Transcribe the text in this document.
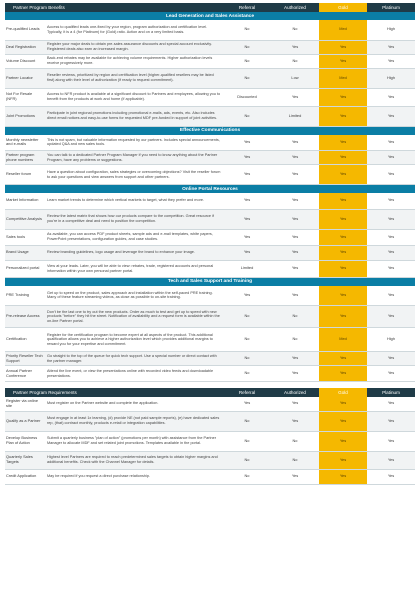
Partner Program Benefits		Referral	Authorized	Gold	Platinum
Lead Generation and Sales Assistance					
Pre-qualified Leads	Access to qualified leads one-fixed by your region, program authorization and certification level. Typically, it is a 4 (for Platinum) for (Gold) ratio. Action and on a very limited basis.	No	No	Med	High
Deal Registration	Register your major deals to obtain pre-sales assurance discounts and special account exclusivity. Registered deals also earn an increased margin.	No	Yes	Yes	Yes
Volume Discount	Back-end rebates may be available for achieving volume requirements. Higher authorization levels receive progressively more.	No	No	Yes	Yes
Partner Locator	Reseller reviews, prioritized by region and certification level (higher-qualified resellers may be listed first) along with their level of authorization (if ready to request commitment).	No	Low	Med	High
Not For Resale (NFR)	Access to NFR product is available at a significant discount to Partners and employees, allowing you to benefit from the products at work and home (if applicable).	Discounted	Yes	Yes	Yes
Joint Promotions	Participate in joint regional promotions including promotional e-mails, ads, events, etc. Also includes direct email notices and easy-to-use forms for requested MDF pre-funded in support of joint activities.	No	Limited	Yes	Yes
Effective Communications					
Monthly newsletter and e-mails	This is not spam, but valuable information requested by our partners. Includes special announcements, updated Q&A and new sales tools.	Yes	Yes	Yes	Yes
Partner program phone numbers	You can talk to a dedicated Partner Program Manager if you need to know anything about the Partner Program, have any problems or suggestions.	Yes	Yes	Yes	Yes
Reseller forum	Have a question about configuration, sales strategies or overcoming objections? Visit the reseller forum to ask your questions and view answers from support and other partners.	Yes	Yes	Yes	Yes
Online Portal Resources					
Market Information	Learn market trends to determine which vertical markets to target, what they prefer and more.	Yes	Yes	Yes	Yes
Competitive Analysis	Review the latest matrix that shows how our products compare to the competition. Great resource if you're in a competitive deal and need to position the competition.	Yes	Yes	Yes	Yes
Sales tools	As available, you can access PDF product sheets, sample ads and e-mail templates, white papers, PowerPoint presentations, configuration guides, and case studies.	Yes	Yes	Yes	Yes
Brand Usage	Review branding guidelines, logo usage and leverage the brand to enhance your image.	Yes	Yes	Yes	Yes
Personalized portal	View at your leads. Later, you will be able to view: rebates, trade, registered accounts and personal information within your own personal partner portal.	Limited	Yes	Yes	Yes
Tech and Sales Support and Training					
PRE Training	Get up to speed on the product, sales approach and installation within the self-paced PRE training. Many of these feature streaming videos, as close as possible to on-site training.	Yes	Yes	Yes	Yes
Pre-release Access	Don't be the last one to try out the new products. Order as much to test and get up to speed with new products "before" they hit the street. Notification of availability and a request form is available within the on-line Partner portal.	No	No	Yes	Yes
Certification	Register for the certification program to become expert at all aspects of the product. This additional qualification allows you to achieve a higher authorization level which provides additional margins to reward you for your expertise and commitment.	No	No	Med	High
Priority Reseller Tech Support	Go straight to the top of the queue for quick tech support. Use a special number or direct contact with the partner manager.	No	Yes	Yes	Yes
Annual Partner Conference	Attend the live event, or view the presentations online with recorded video feeds and downloadable presentations.	No	Yes	Yes	Yes

Partner Program Requirements		Referral	Authorized	Gold	Platinum
Register via online site	Must register on the Partner website and complete the application.	Yes	Yes	Yes	Yes
Qualify as a Partner	Must engage in at least 1x learning, (d) provide NE (not paid sample reports), (e) have dedicated sales rep, (that) contract monthly, products e-retail or integration capabilities.	No	Yes	Yes	Yes
Develop Business Plan of Action	Submit a quarterly business "plan of action" (promotions per month) with assistance from the Partner Manager to allocate MDF and set related joint promotions. Templates available in the portal.	No	No	Yes	Yes
Quarterly Sales Targets	Highest level Partners are required to reach predetermined sales targets to obtain higher margins and additional benefits. Check with the Channel Manager for details.	No	No	Yes	Yes
Credit Application	May be required if you request a direct purchase relationship.	No	Yes	Yes	Yes
